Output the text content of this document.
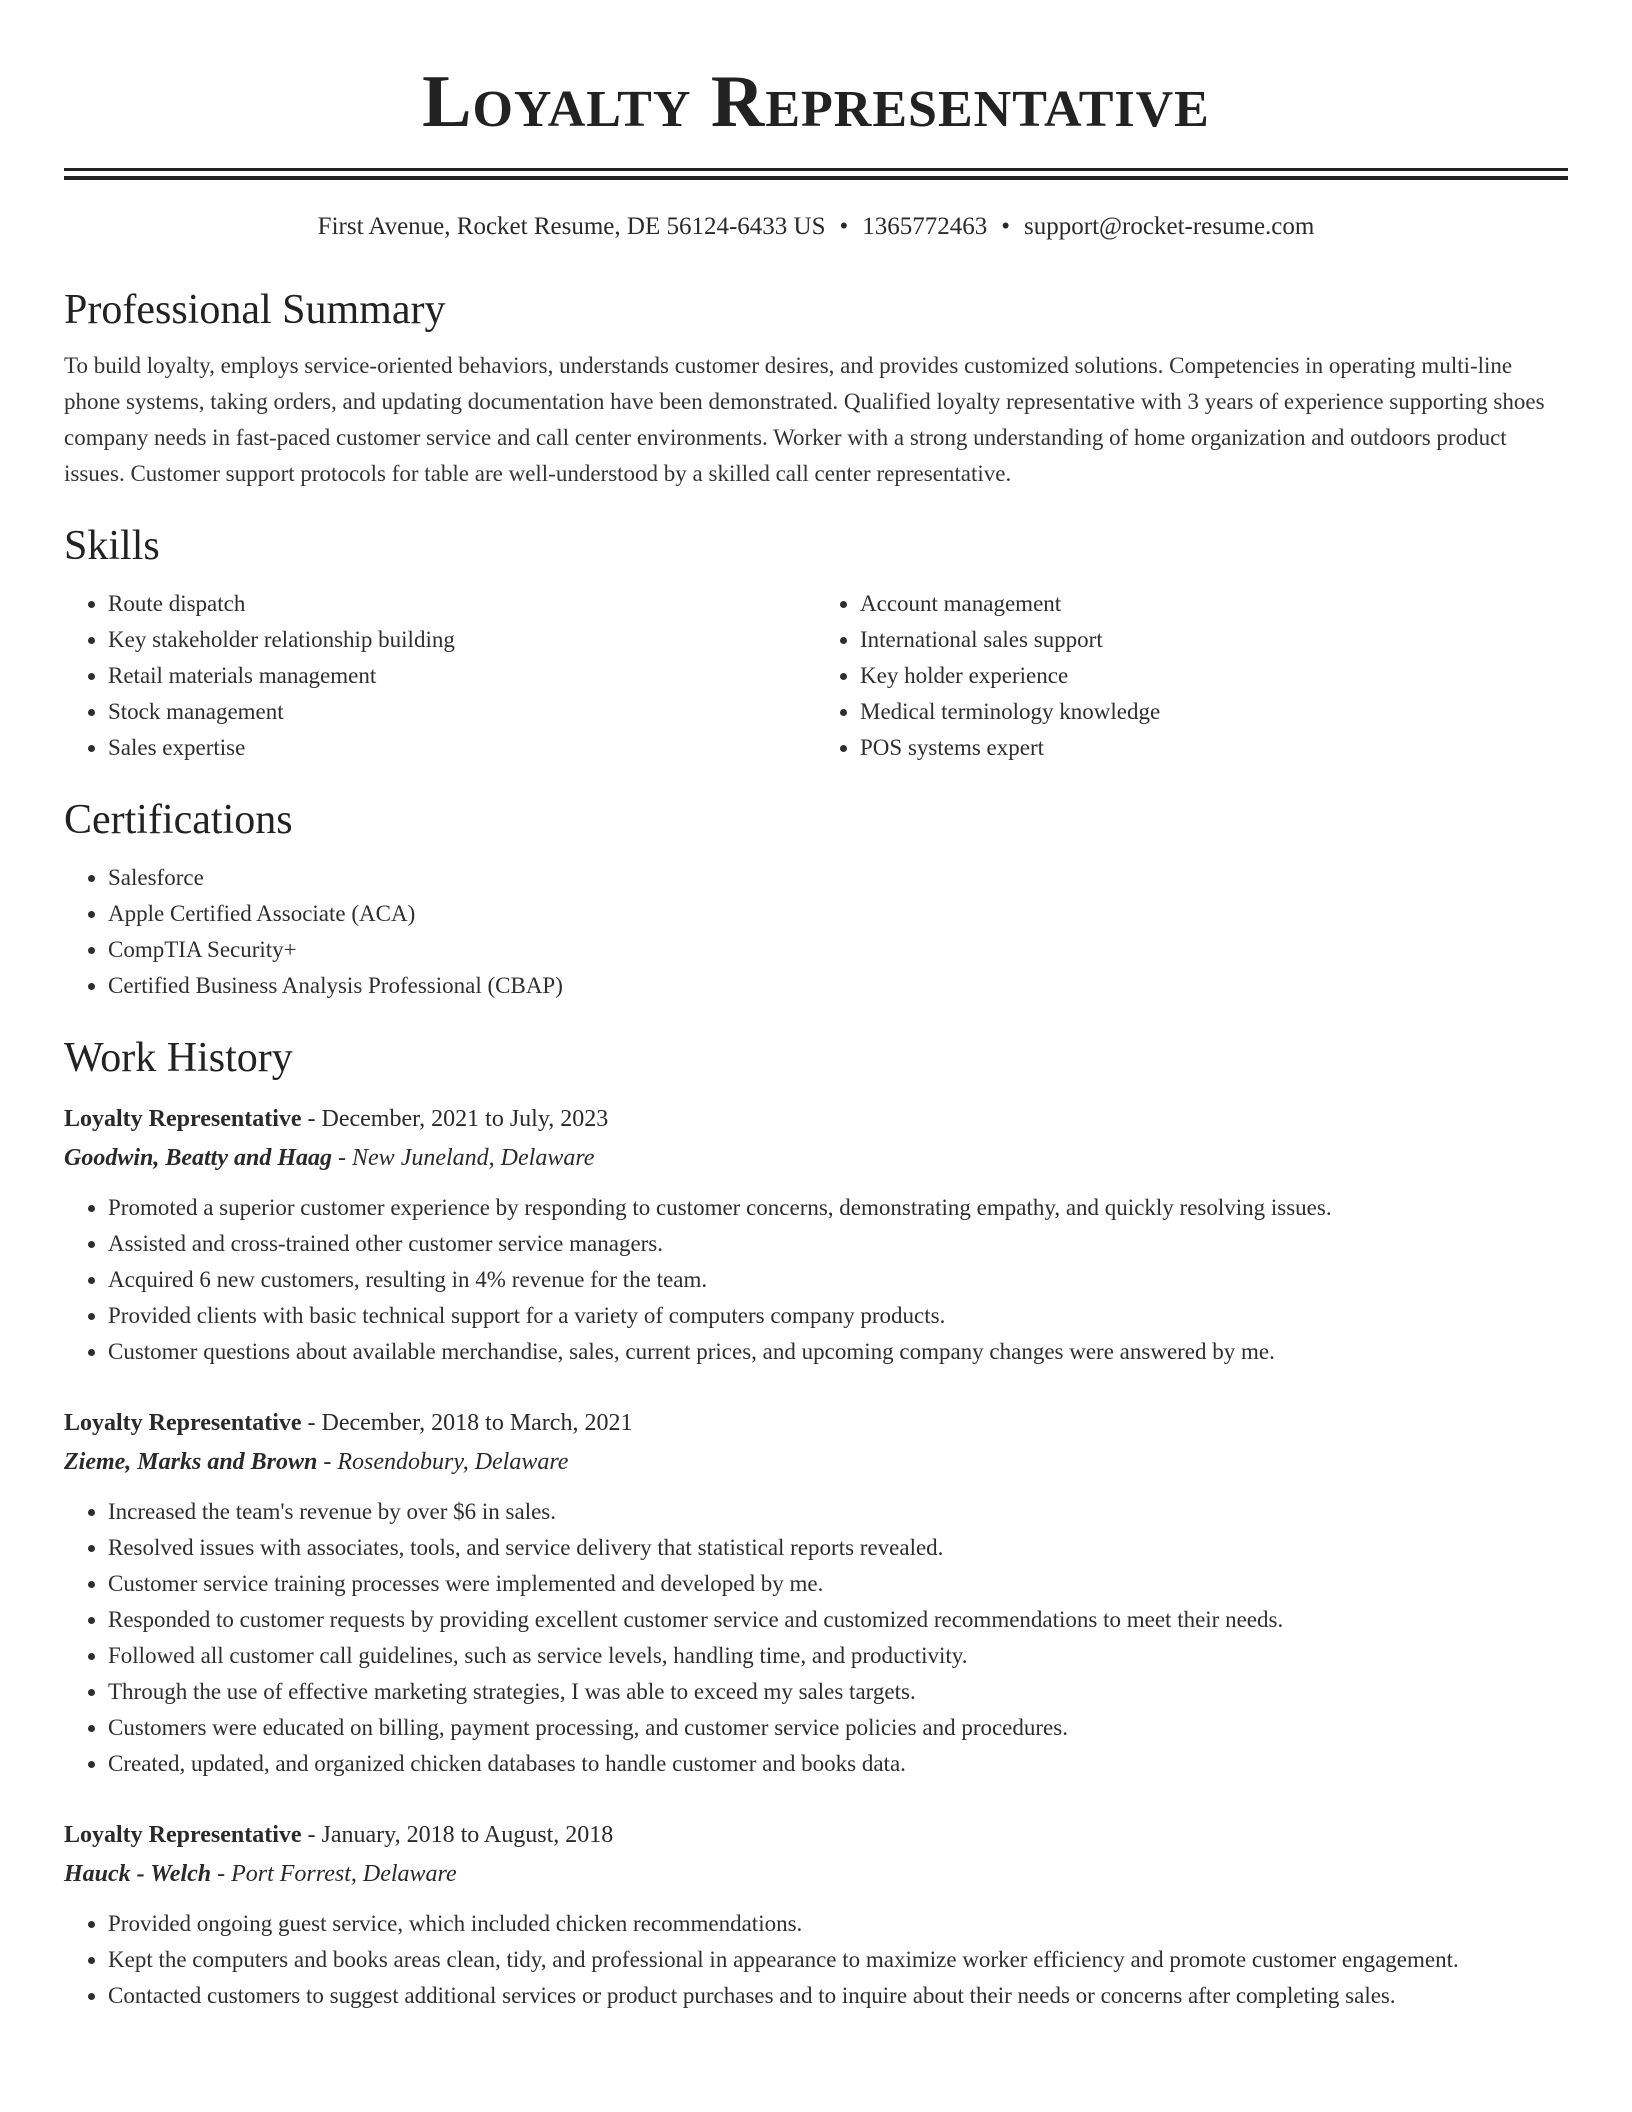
Loyalty Representative
First Avenue, Rocket Resume, DE 56124-6433 US • 1365772463 • support@rocket-resume.com
Professional Summary

To build loyalty, employs service-oriented behaviors, understands customer desires, and provides customized solutions. Competencies in operating multi-line phone systems, taking orders, and updating documentation have been demonstrated. Qualified loyalty representative with 3 years of experience supporting shoes company needs in fast-paced customer service and call center environments. Worker with a strong understanding of home organization and outdoors product issues. Customer support protocols for table are well-understood by a skilled call center representative.

Skills
• Route dispatch
• Key stakeholder relationship building
• Retail materials management
• Stock management
• Sales expertise
• Account management
• International sales support
• Key holder experience
• Medical terminology knowledge
• POS systems expert
Certifications
• Salesforce
• Apple Certified Associate (ACA)
• CompTIA Security+
• Certified Business Analysis Professional (CBAP)
Work History
Loyalty Representative - December, 2021 to July, 2023
Goodwin, Beatty and Haag - New Juneland, Delaware
• Promoted a superior customer experience by responding to customer concerns, demonstrating empathy, and quickly resolving issues.
• Assisted and cross-trained other customer service managers.
• Acquired 6 new customers, resulting in 4% revenue for the team.
• Provided clients with basic technical support for a variety of computers company products.
• Customer questions about available merchandise, sales, current prices, and upcoming company changes were answered by me.
Loyalty Representative - December, 2018 to March, 2021
Zieme, Marks and Brown - Rosendobury, Delaware
• Increased the team's revenue by over $6 in sales.
• Resolved issues with associates, tools, and service delivery that statistical reports revealed.
• Customer service training processes were implemented and developed by me.
• Responded to customer requests by providing excellent customer service and customized recommendations to meet their needs.
• Followed all customer call guidelines, such as service levels, handling time, and productivity.
• Through the use of effective marketing strategies, I was able to exceed my sales targets.
• Customers were educated on billing, payment processing, and customer service policies and procedures.
• Created, updated, and organized chicken databases to handle customer and books data.
Loyalty Representative - January, 2018 to August, 2018
Hauck - Welch - Port Forrest, Delaware
• Provided ongoing guest service, which included chicken recommendations.
• Kept the computers and books areas clean, tidy, and professional in appearance to maximize worker efficiency and promote customer engagement.
• Contacted customers to suggest additional services or product purchases and to inquire about their needs or concerns after completing sales.
